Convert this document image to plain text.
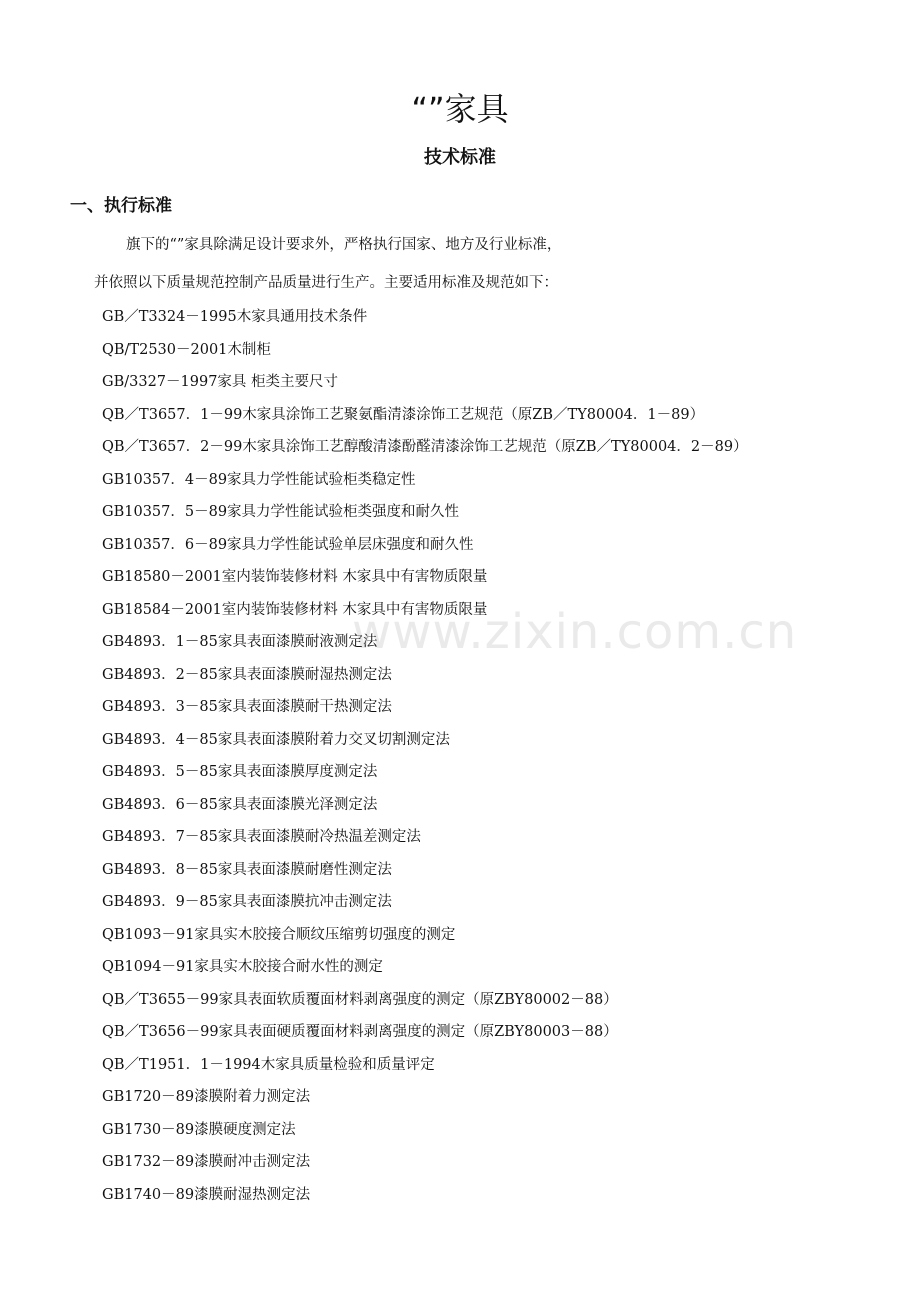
“”家具
技术标准
一、执行标准

旗下的“”家具除满足设计要求外，严格执行国家、地方及行业标准，

并依照以下质量规范控制产品质量进行生产。主要适用标准及规范如下：

GB／T3324－1995木家具通用技术条件
QB/T2530－2001木制柜
GB/3327－1997家具 柜类主要尺寸
QB／T3657．1－99木家具涂饰工艺聚氨酯清漆涂饰工艺规范（原ZB／TY80004．1－89）
QB／T3657．2－99木家具涂饰工艺醇酸清漆酚醛清漆涂饰工艺规范（原ZB／TY80004．2－89）
GB10357．4－89家具力学性能试验柜类稳定性
GB10357．5－89家具力学性能试验柜类强度和耐久性
GB10357．6－89家具力学性能试验单层床强度和耐久性
GB18580－2001室内装饰装修材料 木家具中有害物质限量
GB18584－2001室内装饰装修材料 木家具中有害物质限量
GB4893．1－85家具表面漆膜耐液测定法
GB4893．2－85家具表面漆膜耐湿热测定法
GB4893．3－85家具表面漆膜耐干热测定法
GB4893．4－85家具表面漆膜附着力交叉切割测定法
GB4893．5－85家具表面漆膜厚度测定法
GB4893．6－85家具表面漆膜光泽测定法
GB4893．7－85家具表面漆膜耐冷热温差测定法
GB4893．8－85家具表面漆膜耐磨性测定法
GB4893．9－85家具表面漆膜抗冲击测定法
QB1093－91家具实木胶接合顺纹压缩剪切强度的测定
QB1094－91家具实木胶接合耐水性的测定
QB／T3655－99家具表面软质覆面材料剥离强度的测定（原ZBY80002－88）
QB／T3656－99家具表面硬质覆面材料剥离强度的测定（原ZBY80003－88）
QB／T1951．1－1994木家具质量检验和质量评定
GB1720－89漆膜附着力测定法
GB1730－89漆膜硬度测定法
GB1732－89漆膜耐冲击测定法
GB1740－89漆膜耐湿热测定法
www.zixin.com.cn
